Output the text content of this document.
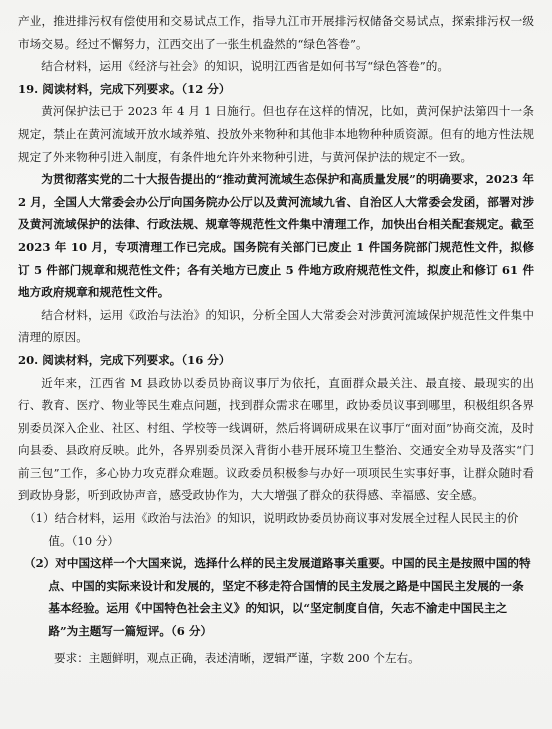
产业，推进排污权有偿使用和交易试点工作，指导九江市开展排污权储备交易试点，探索排污权一级市场交易。经过不懈努力，江西交出了一张生机盎然的“绿色答卷”。

结合材料，运用《经济与社会》的知识，说明江西省是如何书写“绿色答卷”的。

19. 阅读材料，完成下列要求。（12 分）

黄河保护法已于 2023 年 4 月 1 日施行。但也存在这样的情况，比如，黄河保护法第四十一条规定，禁止在黄河流域开放水域养殖、投放外来物种和其他非本地物种种质资源。但有的地方性法规规定了外来物种引进入制度，有条件地允许外来物种引进，与黄河保护法的规定不一致。

为贯彻落实党的二十大报告提出的“推动黄河流域生态保护和高质量发展”的明确要求，2023 年 2 月，全国人大常委会办公厅向国务院办公厅以及黄河流域九省、自治区人大常委会发函，部署对涉及黄河流域保护的法律、行政法规、规章等规范性文件集中清理工作，加快出台相关配套规定。截至 2023 年 10 月，专项清理工作已完成。国务院有关部门已废止 1 件国务院部门规范性文件，拟修订 5 件部门规章和规范性文件；各有关地方已废止 5 件地方政府规范性文件，拟废止和修订 61 件地方政府规章和规范性文件。

结合材料，运用《政治与法治》的知识，分析全国人大常委会对涉黄河流域保护规范性文件集中清理的原因。

20. 阅读材料，完成下列要求。（16 分）

近年来，江西省 M 县政协以委员协商议事厅为依托，直面群众最关注、最直接、最现实的出行、教育、医疗、物业等民生难点问题，找到群众需求在哪里，政协委员议事到哪里，积极组织各界别委员深入企业、社区、村组、学校等一线调研，然后将调研成果在议事厅“面对面”协商交流，及时向县委、县政府反映。此外，各界别委员深入背街小巷开展环境卫生整治、交通安全劝导及落实“门前三包”工作，多心协力攻克群众难题。议政委员积极参与办好一项项民生实事好事，让群众随时看到政协身影，听到政协声音，感受政协作为，大大增强了群众的获得感、幸福感、安全感。

（1）结合材料，运用《政治与法治》的知识，说明政协委员协商议事对发展全过程人民民主的价值。（10 分）

（2）对中国这样一个大国来说，选择什么样的民主发展道路事关重要。中国的民主是按照中国的特点、中国的实际来设计和发展的，坚定不移走符合国情的民主发展之路是中国民主发展的一条基本经验。运用《中国特色社会主义》的知识，以“坚定制度自信，矢志不渝走中国民主之路”为主题写一篇短评。（6 分）

要求：主题鲜明，观点正确，表述清晰，逻辑严谨，字数 200 个左右。
